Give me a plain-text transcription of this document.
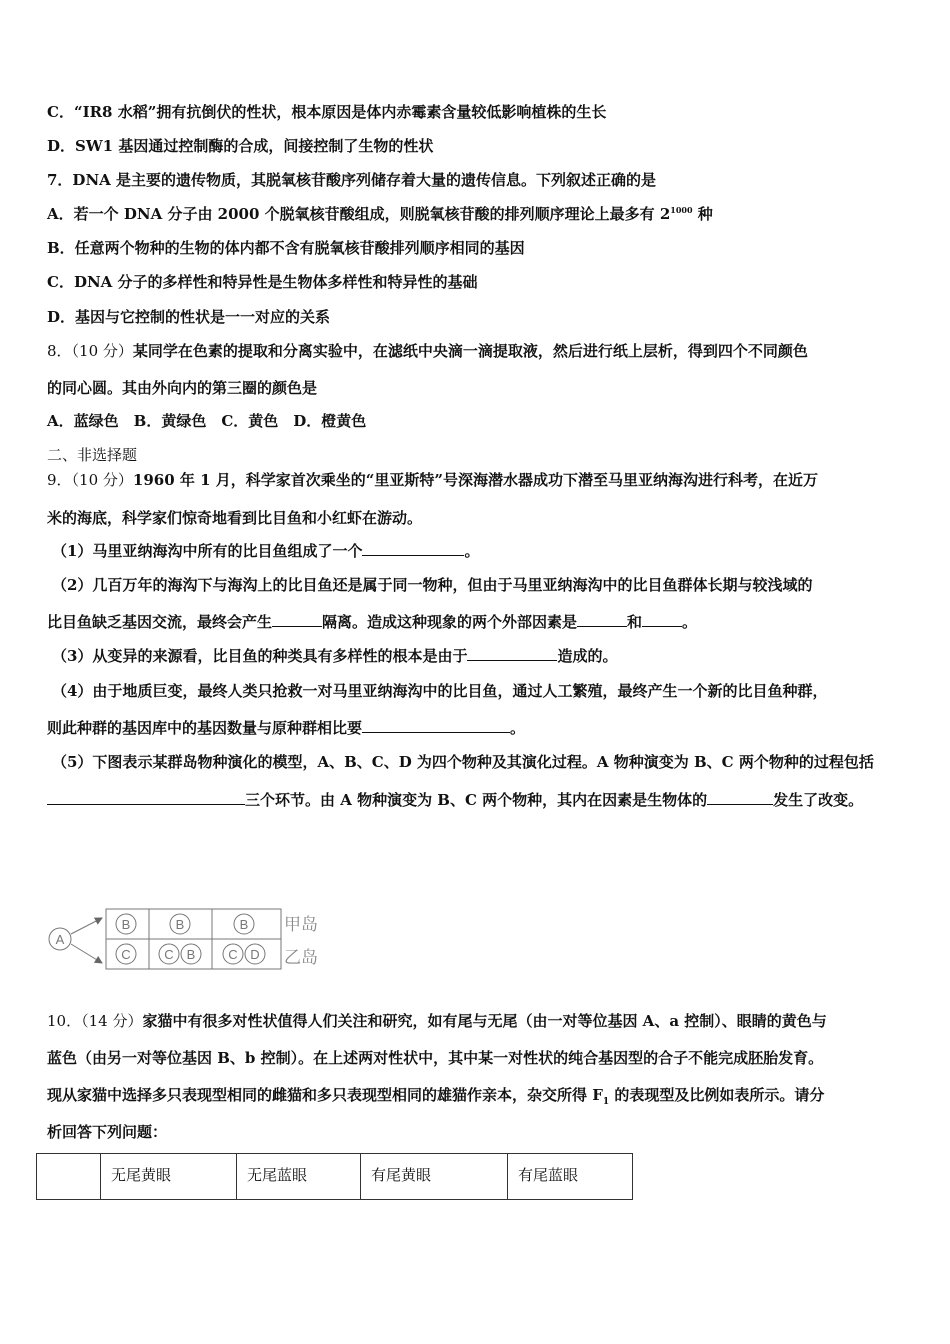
C．“IR8 水稻”拥有抗倒伏的性状，根本原因是体内赤霉素含量较低影响植株的生长
D．SW1 基因通过控制酶的合成，间接控制了生物的性状
7．DNA 是主要的遗传物质，其脱氧核苷酸序列储存着大量的遗传信息。下列叙述正确的是
A．若一个 DNA 分子由 2000 个脱氧核苷酸组成，则脱氧核苷酸的排列顺序理论上最多有 $2^{1000}$ 种
B．任意两个物种的生物的体内都不含有脱氧核苷酸排列顺序相同的基因
C．DNA 分子的多样性和特异性是生物体多样性和特异性的基础
D．基因与它控制的性状是一一对应的关系
8．（10 分）某同学在色素的提取和分离实验中，在滤纸中央滴一滴提取液，然后进行纸上层析，得到四个不同颜色
的同心圆。其由外向内的第三圈的颜色是
A．蓝绿色　B．黄绿色　C．黄色　D．橙黄色
二、非选择题
9．（10 分）1960 年 1 月，科学家首次乘坐的“里亚斯特”号深海潜水器成功下潜至马里亚纳海沟进行科考，在近万
米的海底，科学家们惊奇地看到比目鱼和小红虾在游动。
（1）马里亚纳海沟中所有的比目鱼组成了一个	。
（2）几百万年的海沟下与海沟上的比目鱼还是属于同一物种，但由于马里亚纳海沟中的比目鱼群体长期与较浅域的
比目鱼缺乏基因交流，最终会产生	隔离。造成这种现象的两个外部因素是	和	。
（3）从变异的来源看，比目鱼的种类具有多样性的根本是由于	造成的。
（4）由于地质巨变，最终人类只抢救一对马里亚纳海沟中的比目鱼，通过人工繁殖，最终产生一个新的比目鱼种群，
则此种群的基因库中的基因数量与原种群相比要	。
（5）下图表示某群岛物种演化的模型，A、B、C、D 为四个物种及其演化过程。A 物种演变为 B、C 两个物种的过程包括
三个环节。由 A 物种演变为 B、C 两个物种，其内在因素是生物体的	发生了改变。
A
B	B	B
C	C B	C D
甲岛
乙岛
10．（14 分）家猫中有很多对性状值得人们关注和研究，如有尾与无尾（由一对等位基因 A、a 控制）、眼睛的黄色与
蓝色（由另一对等位基因 B、b 控制）。在上述两对性状中，其中某一对性状的纯合基因型的合子不能完成胚胎发育。
现从家猫中选择多只表现型相同的雌猫和多只表现型相同的雄猫作亲本，杂交所得 $F_1$ 的表现型及比例如表所示。请分
析回答下列问题：
	无尾黄眼	无尾蓝眼	有尾黄眼	有尾蓝眼
